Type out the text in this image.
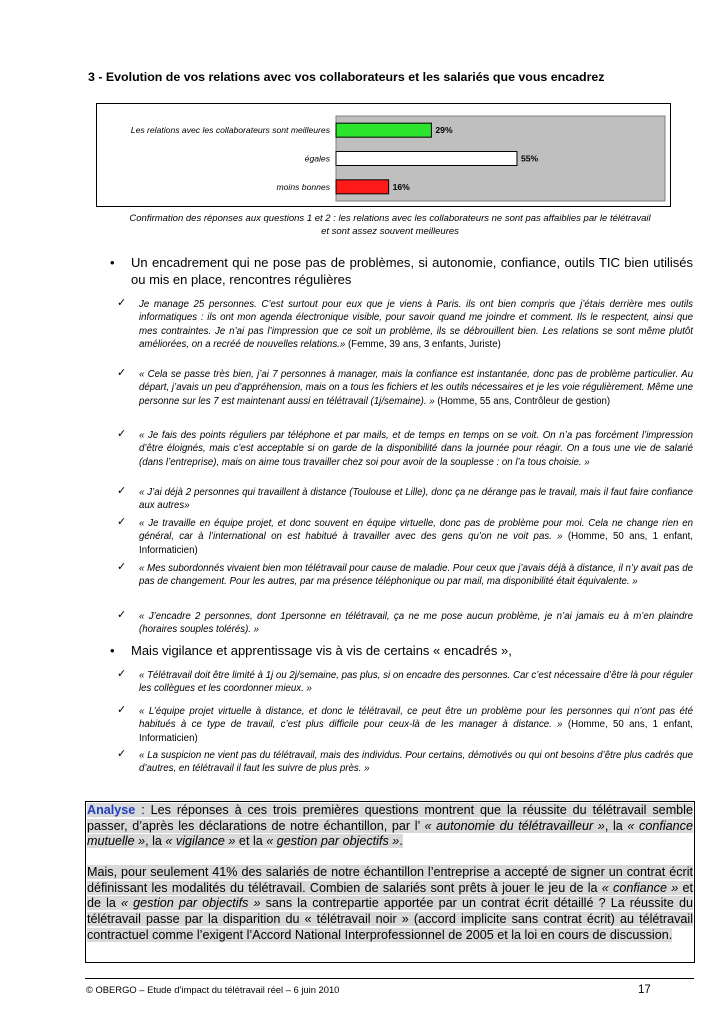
3 - Evolution de vos relations avec vos collaborateurs et les salariés que vous encadrez
Les relations avec les collaborateurs sont meilleures	29%
égales	55%
moins bonnes	16%
Confirmation des réponses aux questions 1 et 2 : les relations avec les collaborateurs ne sont pas affaiblies par le télétravail
et sont assez souvent meilleures
• Un encadrement qui ne pose pas de problèmes, si autonomie, confiance, outils TIC bien utilisés ou mis en place, rencontres régulières
✓ Je manage 25 personnes. C’est surtout pour eux que je viens à Paris. ils ont bien compris que j’étais derrière mes outils informatiques : ils ont mon agenda électronique visible, pour savoir quand me joindre et comment. Ils le respectent, ainsi que mes contraintes. Je n’ai pas l’impression que ce soit un problème, ils se débrouillent bien. Les relations se sont même plutôt améliorées, on a recréé de nouvelles relations.» (Femme, 39 ans, 3 enfants, Juriste)
✓ « Cela se passe très bien, j’ai 7 personnes à manager, mais la confiance est instantanée, donc pas de problème particulier. Au départ, j’avais un peu d’appréhension, mais on a tous les fichiers et les outils nécessaires et je les voie régulièrement. Même une personne sur les 7 est maintenant aussi en télétravail (1j/semaine). » (Homme, 55 ans, Contrôleur de gestion)
✓ « Je fais des points réguliers par téléphone et par mails, et de temps en temps on se voit. On n’a pas forcément l’impression d’être éloignés, mais c’est acceptable si on garde de la disponibilité dans la journée pour réagir. On a tous une vie de salarié (dans l’entreprise), mais on aime tous travailler chez soi pour avoir de la souplesse : on l’a tous choisie. »
✓ « J’ai déjà 2 personnes qui travaillent à distance (Toulouse et Lille), donc ça ne dérange pas le travail, mais il faut faire confiance aux autres»
✓ « Je travaille en équipe projet, et donc souvent en équipe virtuelle, donc pas de problème pour moi. Cela ne change rien en général, car à l’international on est habitué à travailler avec des gens qu’on ne voit pas. » (Homme, 50 ans, 1 enfant, Informaticien)
✓ « Mes subordonnés vivaient bien mon télétravail pour cause de maladie. Pour ceux que j’avais déjà à distance, il n’y avait pas de pas de changement. Pour les autres, par ma présence téléphonique ou par mail, ma disponibilité était équivalente. »
✓ « J’encadre 2 personnes, dont 1personne en télétravail, ça ne me pose aucun problème, je n’ai jamais eu à m’en plaindre (horaires souples tolérés). »
• Mais vigilance et apprentissage vis à vis de certains « encadrés »,
✓ « Télétravail doit être limité à 1j ou 2j/semaine, pas plus, si on encadre des personnes. Car c’est nécessaire d’être là pour réguler les collègues et les coordonner mieux. »
✓ « L’équipe projet virtuelle à distance, et donc le télétravail, ce peut être un problème pour les personnes qui n’ont pas été habitués à ce type de travail, c’est plus difficile pour ceux-là de les manager à distance. » (Homme, 50 ans, 1 enfant, Informaticien)
✓ « La suspicion ne vient pas du télétravail, mais des individus. Pour certains, démotivés ou qui ont besoins d’être plus cadrés que d’autres, en télétravail il faut les suivre de plus près. »
Analyse : Les réponses à ces trois premières questions montrent que la réussite du télétravail semble passer, d’après les déclarations de notre échantillon, par l’ « autonomie du télétravailleur », la « confiance mutuelle », la « vigilance » et la « gestion par objectifs ».
Mais, pour seulement 41% des salariés de notre échantillon l’entreprise a accepté de signer un contrat écrit définissant les modalités du télétravail. Combien de salariés sont prêts à jouer le jeu de la « confiance » et de la « gestion par objectifs » sans la contrepartie apportée par un contrat écrit détaillé ? La réussite du télétravail passe par la disparition du « télétravail noir » (accord implicite sans contrat écrit) au télétravail contractuel comme l’exigent l’Accord National Interprofessionnel de 2005 et la loi en cours de discussion.
© OBERGO – Etude d’impact du télétravail réel – 6 juin 2010	17
